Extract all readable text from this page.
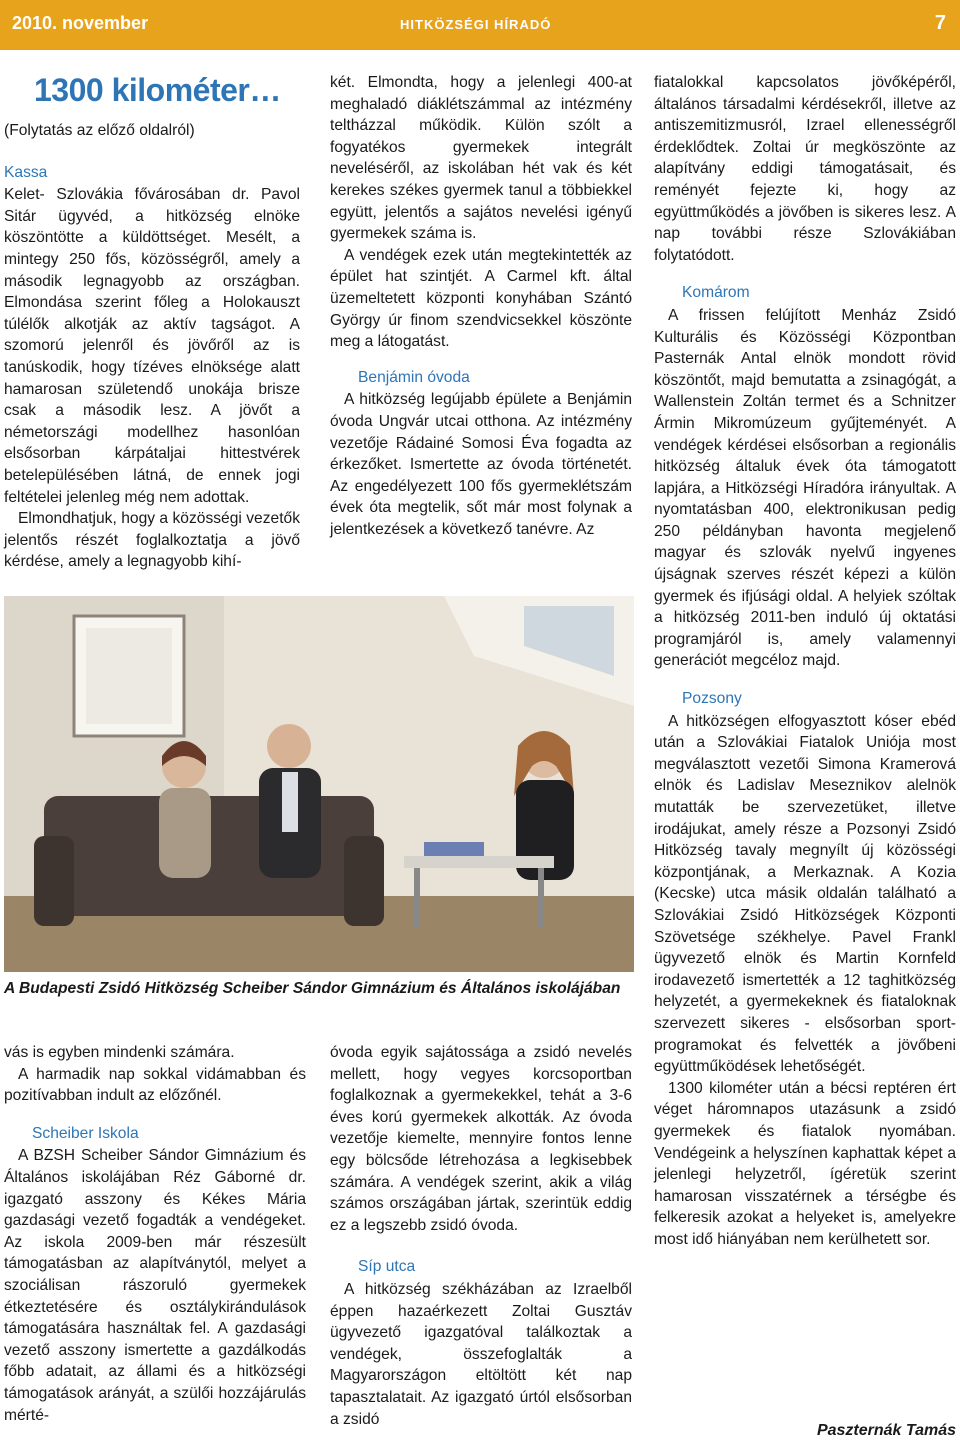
2010. november	HITKÖZSÉGI HÍRADÓ	7
1300 kilométer…

(Folytatás az előző oldalról)

Kassa

Kelet- Szlovákia fővárosában dr. Pavol Sitár ügyvéd, a hitközség elnöke köszöntötte a küldöttséget. Mesélt, a mintegy 250 fős, közösségről, amely a második legnagyobb az országban. Elmondása szerint főleg a Holokauszt túlélők alkotják az aktív tagságot. A szomorú jelenről és jövőről az is tanúskodik, hogy tízéves elnöksége alatt hamarosan születendő unokája brisze csak a második lesz. A jövőt a németországi modellhez hasonlóan elsősorban kárpátaljai hittestvérek betelepülésében látná, de ennek jogi feltételei jelenleg még nem adottak.

Elmondhatjuk, hogy a közösségi vezetők jelentős részét foglalkoztatja a jövő kérdése, amely a legnagyobb kihí-

két. Elmondta, hogy a jelenlegi 400-at meghaladó diáklétszámmal az intézmény teltházzal működik. Külön szólt a fogyatékos gyermekek integrált neveléséről, az iskolában hét vak és két kerekes székes gyermek tanul a többiekkel együtt, jelentős a sajátos nevelési igényű gyermekek száma is.

A vendégek ezek után megtekintették az épület hat szintjét. A Carmel kft. által üzemeltetett központi konyhában Szántó György úr finom szendvicsekkel köszönte meg a látogatást.

Benjámin óvoda

A hitközség legújabb épülete a Benjámin óvoda Ungvár utcai otthona. Az intézmény vezetője Rádainé Somosi Éva fogadta az érkezőket. Ismertette az óvoda történetét. Az engedélyezett 100 fős gyermeklétszám évek óta megtelik, sőt már most folynak a jelentkezések a következő tanévre. Az

A Budapesti Zsidó Hitközség Scheiber Sándor Gimnázium és Általános iskolájában

vás is egyben mindenki számára.

A harmadik nap sokkal vidámabban és pozitívabban indult az előzőnél.

Scheiber Iskola

A BZSH Scheiber Sándor Gimnázium és Általános iskolájában Réz Gáborné dr. igazgató asszony és Kékes Mária gazdasági vezető fogadták a vendégeket. Az iskola 2009-ben már részesült támogatásban az alapítványtól, melyet a szociálisan rászoruló gyermekek étkeztetésére és osztálykirándulások támogatására használtak fel. A gazdasági vezető asszony ismertette a gazdálkodás főbb adatait, az állami és a hitközségi támogatások arányát, a szülői hozzájárulás mérté-

óvoda egyik sajátossága a zsidó nevelés mellett, hogy vegyes korcsoportban foglalkoznak a gyermekekkel, tehát a 3-6 éves korú gyermekek alkották. Az óvoda vezetője kiemelte, mennyire fontos lenne egy bölcsőde létrehozása a legkisebbek számára. A vendégek szerint, akik a világ számos országában jártak, szerintük eddig ez a legszebb zsidó óvoda.

Síp utca

A hitközség székházában az Izraelből éppen hazaérkezett Zoltai Gusztáv ügyvezető igazgatóval találkoztak a vendégek, összefoglalták a Magyarországon eltöltött két nap tapasztalatait. Az igazgató úrtól elsősorban a zsidó

fiatalokkal kapcsolatos jövőképéről, általános társadalmi kérdésekről, illetve az antiszemitizmusról, Izrael ellenességről érdeklődtek. Zoltai úr megköszönte az alapítvány eddigi támogatásait, és reményét fejezte ki, hogy az együttműködés a jövőben is sikeres lesz. A nap további része Szlovákiában folytatódott.

Komárom

A frissen felújított Menház Zsidó Kulturális és Közösségi Központban Pasternák Antal elnök mondott rövid köszöntőt, majd bemutatta a zsinagógát, a Wallenstein Zoltán termet és a Schnitzer Ármin Mikromúzeum gyűjteményét. A vendégek kérdései elsősorban a regionális hitközség általuk évek óta támogatott lapjára, a Hitközségi Híradóra irányultak. A nyomtatásban 400, elektronikusan pedig 250 példányban havonta megjelenő magyar és szlovák nyelvű ingyenes újságnak szerves részét képezi a külön gyermek és ifjúsági oldal. A helyiek szóltak a hitközség 2011-ben induló új oktatási programjáról is, amely valamennyi generációt megcéloz majd.

Pozsony

A hitközségen elfogyasztott kóser ebéd után a Szlovákiai Fiatalok Uniója most megválasztott vezetői Simona Kramerová elnök és Ladislav Meseznikov alelnök mutatták be szervezetüket, illetve irodájukat, amely része a Pozsonyi Zsidó Hitközség tavaly megnyílt új közösségi központjának, a Merkaznak. A Kozia (Kecske) utca másik oldalán található a Szlovákiai Zsidó Hitközségek Központi Szövetsége székhelye. Pavel Frankl ügyvezető elnök és Martin Kornfeld irodavezető ismertették a 12 taghitközség helyzetét, a gyermekeknek és fiataloknak szervezett sikeres - elsősorban sport- programokat és felvették a jövőbeni együttműködések lehetőségét.

1300 kilométer után a bécsi reptéren ért véget háromnapos utazásunk a zsidó gyermekek és fiatalok nyomában. Vendégeink a helyszínen kaphattak képet a jelenlegi helyzetről, ígéretük szerint hamarosan visszatérnek a térségbe és felkeresik azokat a helyeket is, amelyekre most idő hiányában nem kerülhetett sor.

Paszternák Tamás
